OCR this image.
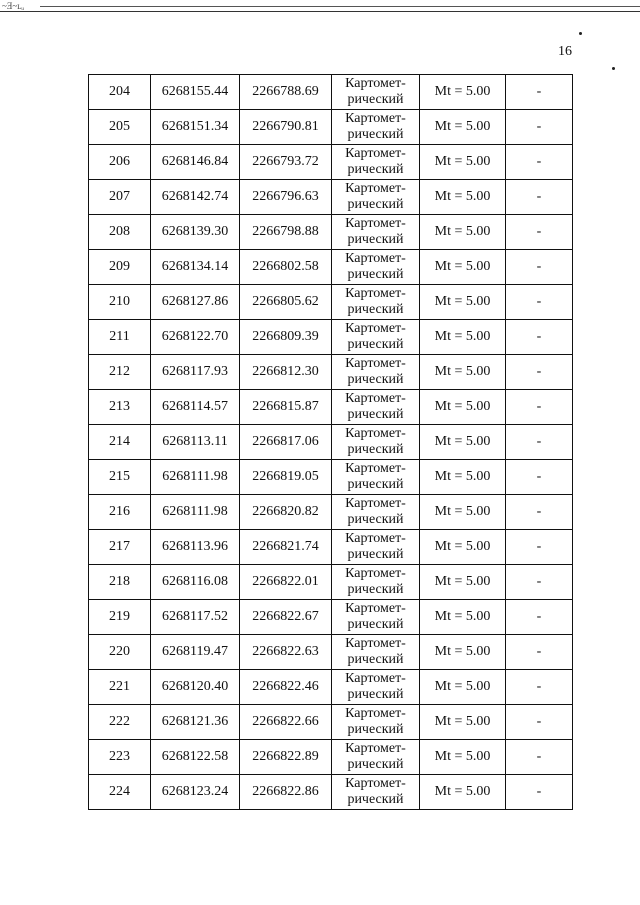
~Ǝ~ʟᵤ
16
204	6268155.44	2266788.69	Картомет-
рический	Mt = 5.00	-
205	6268151.34	2266790.81	Картомет-
рический	Mt = 5.00	-
206	6268146.84	2266793.72	Картомет-
рический	Mt = 5.00	-
207	6268142.74	2266796.63	Картомет-
рический	Mt = 5.00	-
208	6268139.30	2266798.88	Картомет-
рический	Mt = 5.00	-
209	6268134.14	2266802.58	Картомет-
рический	Mt = 5.00	-
210	6268127.86	2266805.62	Картомет-
рический	Mt = 5.00	-
211	6268122.70	2266809.39	Картомет-
рический	Mt = 5.00	-
212	6268117.93	2266812.30	Картомет-
рический	Mt = 5.00	-
213	6268114.57	2266815.87	Картомет-
рический	Mt = 5.00	-
214	6268113.11	2266817.06	Картомет-
рический	Mt = 5.00	-
215	6268111.98	2266819.05	Картомет-
рический	Mt = 5.00	-
216	6268111.98	2266820.82	Картомет-
рический	Mt = 5.00	-
217	6268113.96	2266821.74	Картомет-
рический	Mt = 5.00	-
218	6268116.08	2266822.01	Картомет-
рический	Mt = 5.00	-
219	6268117.52	2266822.67	Картомет-
рический	Mt = 5.00	-
220	6268119.47	2266822.63	Картомет-
рический	Mt = 5.00	-
221	6268120.40	2266822.46	Картомет-
рический	Mt = 5.00	-
222	6268121.36	2266822.66	Картомет-
рический	Mt = 5.00	-
223	6268122.58	2266822.89	Картомет-
рический	Mt = 5.00	-
224	6268123.24	2266822.86	Картомет-
рический	Mt = 5.00	-
